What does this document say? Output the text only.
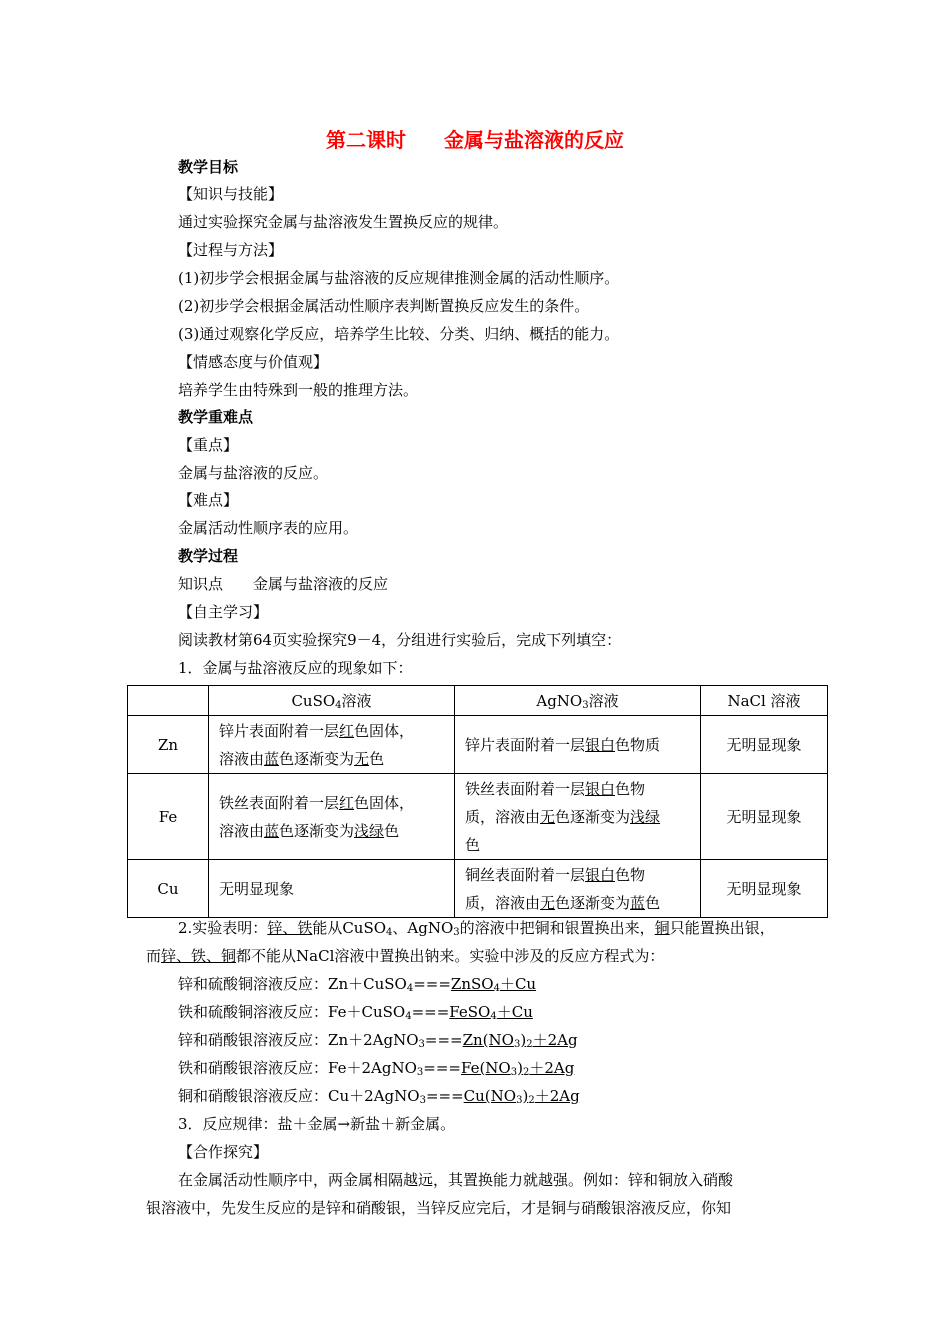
第二课时 金属与盐溶液的反应
教学目标
【知识与技能】
通过实验探究金属与盐溶液发生置换反应的规律。
【过程与方法】
(1)初步学会根据金属与盐溶液的反应规律推测金属的活动性顺序。
(2)初步学会根据金属活动性顺序表判断置换反应发生的条件。
(3)通过观察化学反应，培养学生比较、分类、归纳、概括的能力。
【情感态度与价值观】
培养学生由特殊到一般的推理方法。
教学重难点
【重点】
金属与盐溶液的反应。
【难点】
金属活动性顺序表的应用。
教学过程
知识点 金属与盐溶液的反应
【自主学习】
阅读教材第64页实验探究9－4，分组进行实验后，完成下列填空：
1．金属与盐溶液反应的现象如下：
	CuSO$_4$溶液	AgNO$_3$溶液	NaCl 溶液
Zn	锌片表面附着一层红色固体，
溶液由蓝色逐渐变为无色	锌片表面附着一层银白色物质	无明显现象
Fe	铁丝表面附着一层红色固体，
溶液由蓝色逐渐变为浅绿色	铁丝表面附着一层银白色物
质，溶液由无色逐渐变为浅绿
色	无明显现象
Cu	无明显现象	铜丝表面附着一层银白色物
质，溶液由无色逐渐变为蓝色	无明显现象
2.实验表明：锌、铁能从CuSO$_4$、AgNO$_3$的溶液中把铜和银置换出来，铜只能置换出银，
而锌、铁、铜都不能从NaCl溶液中置换出钠来。实验中涉及的反应方程式为：
锌和硫酸铜溶液反应：Zn＋CuSO$_4$===ZnSO$_4$＋Cu
铁和硫酸铜溶液反应：Fe＋CuSO$_4$===FeSO$_4$＋Cu
锌和硝酸银溶液反应：$Zn+2AgNO_3===Zn(NO_3)_2+2Ag$
铁和硝酸银溶液反应：$Fe+2AgNO_3===Fe(NO_3)_2+2Ag$
铜和硝酸银溶液反应：$Cu+2AgNO_3===Cu(NO_3)_2+2Ag$
3．反应规律：盐＋金属→新盐＋新金属。
【合作探究】
在金属活动性顺序中，两金属相隔越远，其置换能力就越强。例如：锌和铜放入硝酸
银溶液中，先发生反应的是锌和硝酸银，当锌反应完后，才是铜与硝酸银溶液反应，你知
